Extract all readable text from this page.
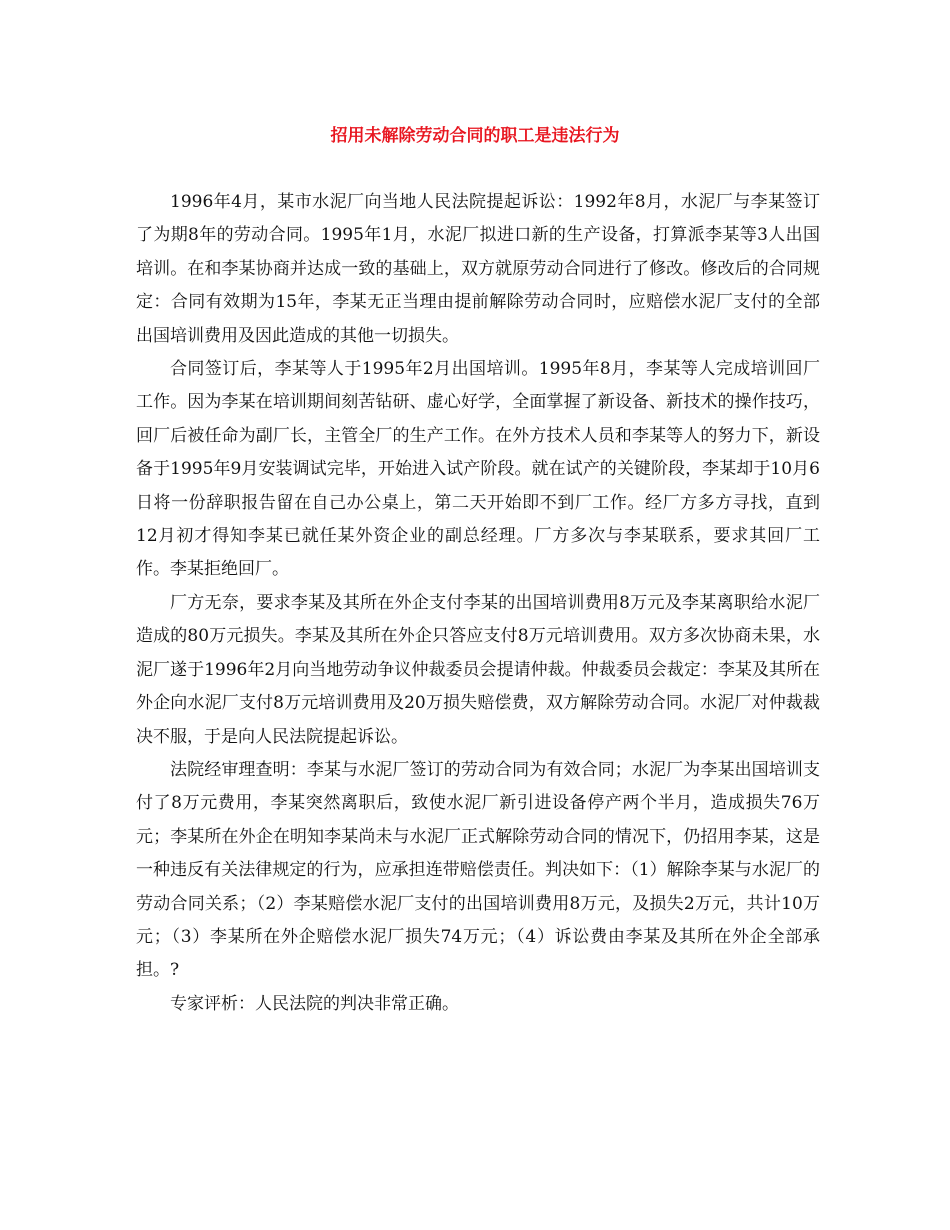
招用未解除劳动合同的职工是违法行为

1996年4月，某市水泥厂向当地人民法院提起诉讼：1992年8月，水泥厂与李某签订了为期8年的劳动合同。1995年1月，水泥厂拟进口新的生产设备，打算派李某等3人出国培训。在和李某协商并达成一致的基础上，双方就原劳动合同进行了修改。修改后的合同规定：合同有效期为15年，李某无正当理由提前解除劳动合同时，应赔偿水泥厂支付的全部出国培训费用及因此造成的其他一切损失。

合同签订后，李某等人于1995年2月出国培训。1995年8月，李某等人完成培训回厂工作。因为李某在培训期间刻苦钻研、虚心好学，全面掌握了新设备、新技术的操作技巧，回厂后被任命为副厂长，主管全厂的生产工作。在外方技术人员和李某等人的努力下，新设备于1995年9月安装调试完毕，开始进入试产阶段。就在试产的关键阶段，李某却于10月6日将一份辞职报告留在自己办公桌上，第二天开始即不到厂工作。经厂方多方寻找，直到12月初才得知李某已就任某外资企业的副总经理。厂方多次与李某联系，要求其回厂工作。李某拒绝回厂。

厂方无奈，要求李某及其所在外企支付李某的出国培训费用8万元及李某离职给水泥厂造成的80万元损失。李某及其所在外企只答应支付8万元培训费用。双方多次协商未果，水泥厂遂于1996年2月向当地劳动争议仲裁委员会提请仲裁。仲裁委员会裁定：李某及其所在外企向水泥厂支付8万元培训费用及20万损失赔偿费，双方解除劳动合同。水泥厂对仲裁裁决不服，于是向人民法院提起诉讼。

法院经审理查明：李某与水泥厂签订的劳动合同为有效合同；水泥厂为李某出国培训支付了8万元费用，李某突然离职后，致使水泥厂新引进设备停产两个半月，造成损失76万元；李某所在外企在明知李某尚未与水泥厂正式解除劳动合同的情况下，仍招用李某，这是一种违反有关法律规定的行为，应承担连带赔偿责任。判决如下：（1）解除李某与水泥厂的劳动合同关系；（2）李某赔偿水泥厂支付的出国培训费用8万元，及损失2万元，共计10万元；（3）李某所在外企赔偿水泥厂损失74万元；（4）诉讼费由李某及其所在外企全部承担。?

专家评析：人民法院的判决非常正确。
